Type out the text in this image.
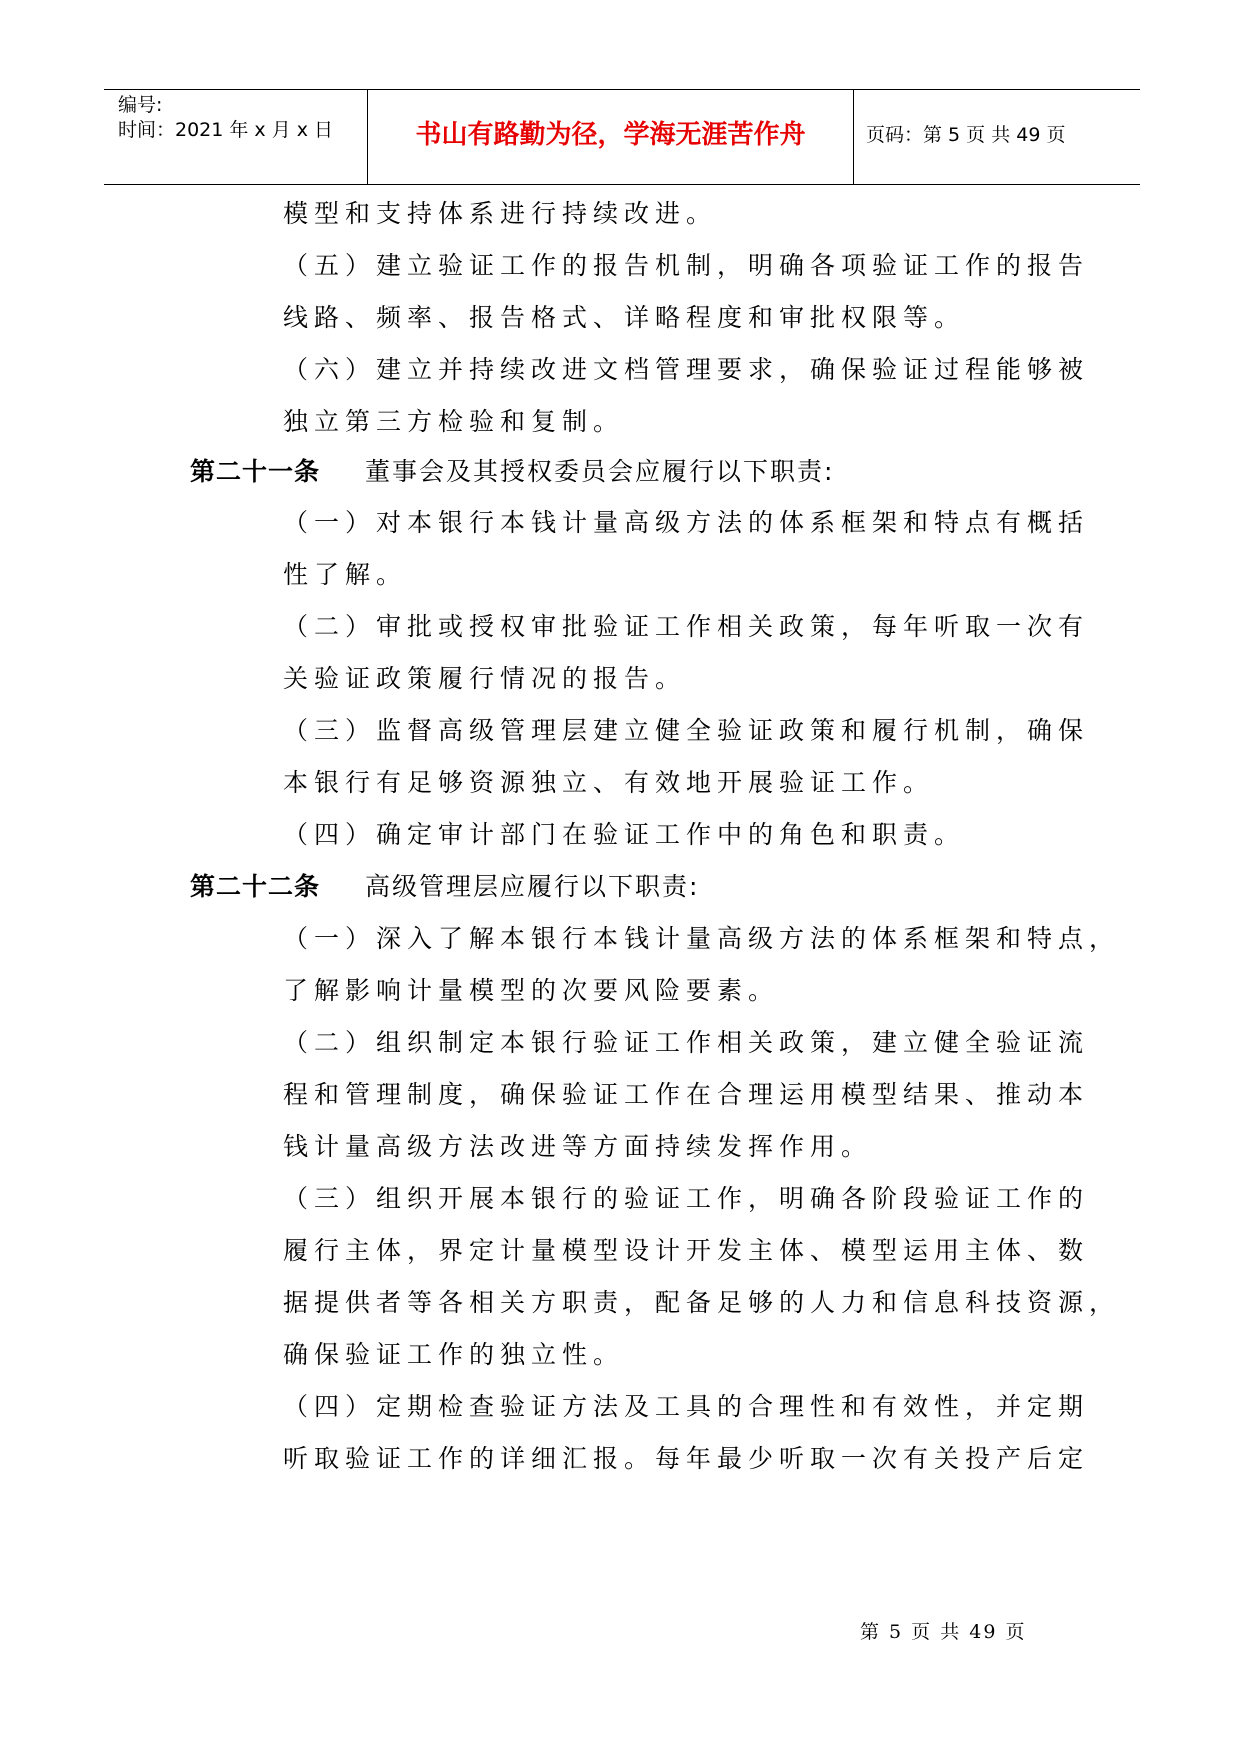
编号:
时间：2021 年 x 月 x 日	书山有路勤为径，学海无涯苦作舟	页码：第 5 页 共 49 页
模型和支持体系进行持续改进。
（五）建立验证工作的报告机制，明确各项验证工作的报告
线路、频率、报告格式、详略程度和审批权限等。
（六）建立并持续改进文档管理要求，确保验证过程能够被
独立第三方检验和复制。
第二十一条 董事会及其授权委员会应履行以下职责:
（一）对本银行本钱计量高级方法的体系框架和特点有概括
性了解。
（二）审批或授权审批验证工作相关政策，每年听取一次有
关验证政策履行情况的报告。
（三）监督高级管理层建立健全验证政策和履行机制，确保
本银行有足够资源独立、有效地开展验证工作。
（四）确定审计部门在验证工作中的角色和职责。
第二十二条 高级管理层应履行以下职责:
（一）深入了解本银行本钱计量高级方法的体系框架和特点，
了解影响计量模型的次要风险要素。
（二）组织制定本银行验证工作相关政策，建立健全验证流
程和管理制度，确保验证工作在合理运用模型结果、推动本
钱计量高级方法改进等方面持续发挥作用。
（三）组织开展本银行的验证工作，明确各阶段验证工作的
履行主体，界定计量模型设计开发主体、模型运用主体、数
据提供者等各相关方职责，配备足够的人力和信息科技资源，
确保验证工作的独立性。
（四）定期检查验证方法及工具的合理性和有效性，并定期
听取验证工作的详细汇报。每年最少听取一次有关投产后定
第 5 页 共 49 页
